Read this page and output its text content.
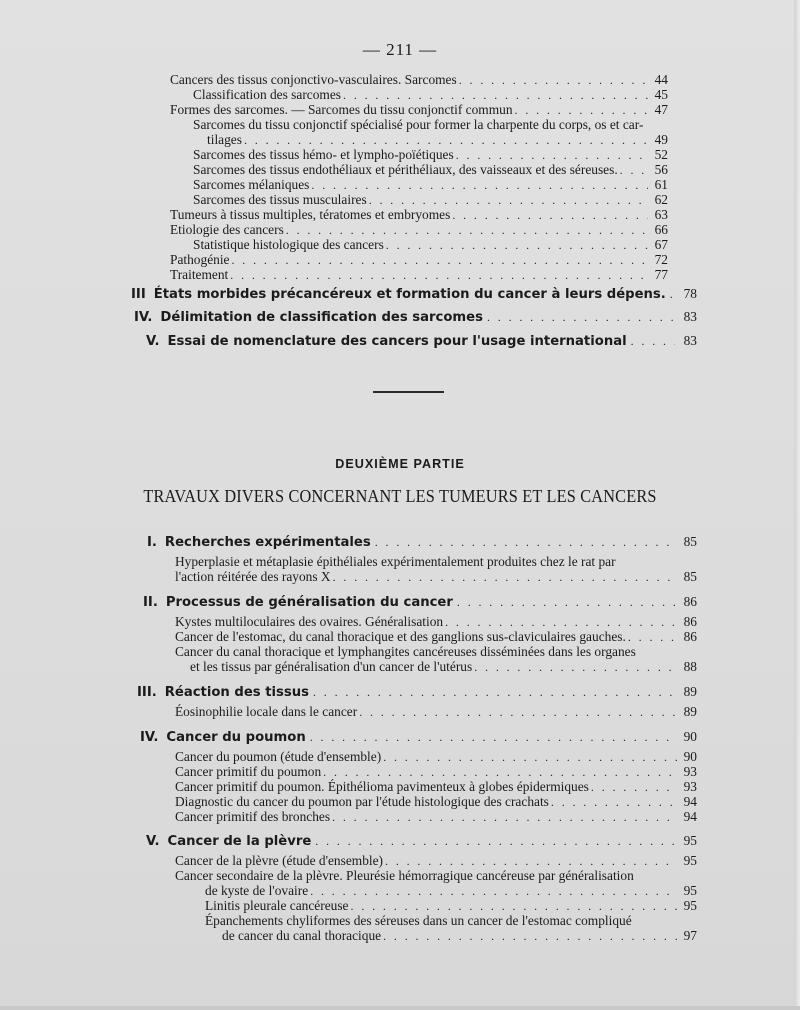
— 211 —
Cancers des tissus conjonctivo-vasculaires. Sarcomes . . .	44
Classification des sarcomes . . .	45
Formes des sarcomes. — Sarcomes du tissu conjonctif commun . . .	47
Sarcomes du tissu conjonctif spécialisé pour former la charpente du corps, os et car-
tilages . . .	49
Sarcomes des tissus hémo- et lympho-poïétiques . . .	52
Sarcomes des tissus endothéliaux et périthéliaux, des vaisseaux et des séreuses. . . .	56
Sarcomes mélaniques . . .	61
Sarcomes des tissus musculaires . . .	62
Tumeurs à tissus multiples, tératomes et embryomes . . .	63
Etiologie des cancers . . .	66
Statistique histologique des cancers . . .	67
Pathogénie . . .	72
Traitement . . .	77
III États morbides précancéreux et formation du cancer à leurs dépens. . . .	78
IV. Délimitation de classification des sarcomes . . .	83
V. Essai de nomenclature des cancers pour l'usage international . . .	83
DEUXIÈME PARTIE
TRAVAUX DIVERS CONCERNANT LES TUMEURS ET LES CANCERS
I. Recherches expérimentales . . .	85
Hyperplasie et métaplasie épithéliales expérimentalement produites chez le rat par
l'action réitérée des rayons X . . .	85
II. Processus de généralisation du cancer . . .	86
Kystes multiloculaires des ovaires. Généralisation . . .	86
Cancer de l'estomac, du canal thoracique et des ganglions sus-claviculaires gauches. . . .	86
Cancer du canal thoracique et lymphangites cancéreuses disséminées dans les organes
et les tissus par généralisation d'un cancer de l'utérus . . .	88
III. Réaction des tissus . . .	89
Éosinophilie locale dans le cancer . . .	89
IV. Cancer du poumon . . .	90
Cancer du poumon (étude d'ensemble) . . .	90
Cancer primitif du poumon . . .	93
Cancer primitif du poumon. Épithélioma pavimenteux à globes épidermiques . . .	93
Diagnostic du cancer du poumon par l'étude histologique des crachats . . .	94
Cancer primitif des bronches . . .	94
V. Cancer de la plèvre . . .	95
Cancer de la plèvre (étude d'ensemble) . . .	95
Cancer secondaire de la plèvre. Pleurésie hémorragique cancéreuse par généralisation
de kyste de l'ovaire . . .	95
Linitis pleurale cancéreuse . . .	95
Épanchements chyliformes des séreuses dans un cancer de l'estomac compliqué
de cancer du canal thoracique . . .	97
